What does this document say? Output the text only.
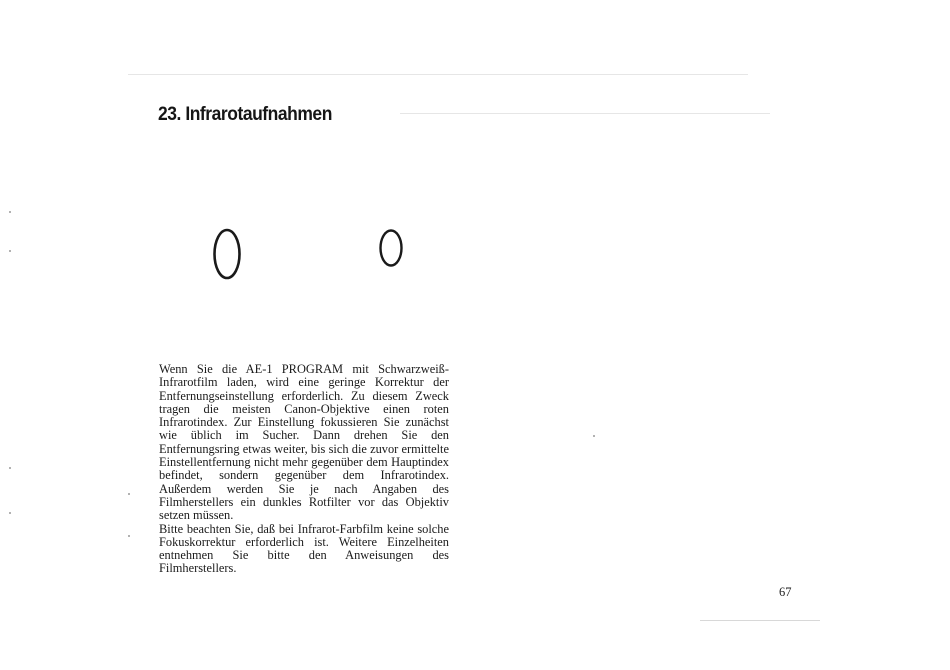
23. Infrarotaufnahmen

Wenn Sie die AE-1 PROGRAM mit Schwarzweiß-Infrarotfilm laden, wird eine geringe Korrektur der Entfernungseinstellung erforderlich. Zu diesem Zweck tragen die meisten Canon-Objektive einen roten Infrarotindex. Zur Einstellung fokussieren Sie zunächst wie üblich im Sucher. Dann drehen Sie den Entfernungsring etwas weiter, bis sich die zuvor ermittelte Einstellentfernung nicht mehr gegenüber dem Hauptindex befindet, sondern gegenüber dem Infrarotindex. Außerdem werden Sie je nach Angaben des Filmherstellers ein dunkles Rotfilter vor das Objektiv setzen müssen.

Bitte beachten Sie, daß bei Infrarot-Farbfilm keine solche Fokuskorrektur erforderlich ist. Weitere Einzelheiten entnehmen Sie bitte den Anweisungen des Filmherstellers.

67
